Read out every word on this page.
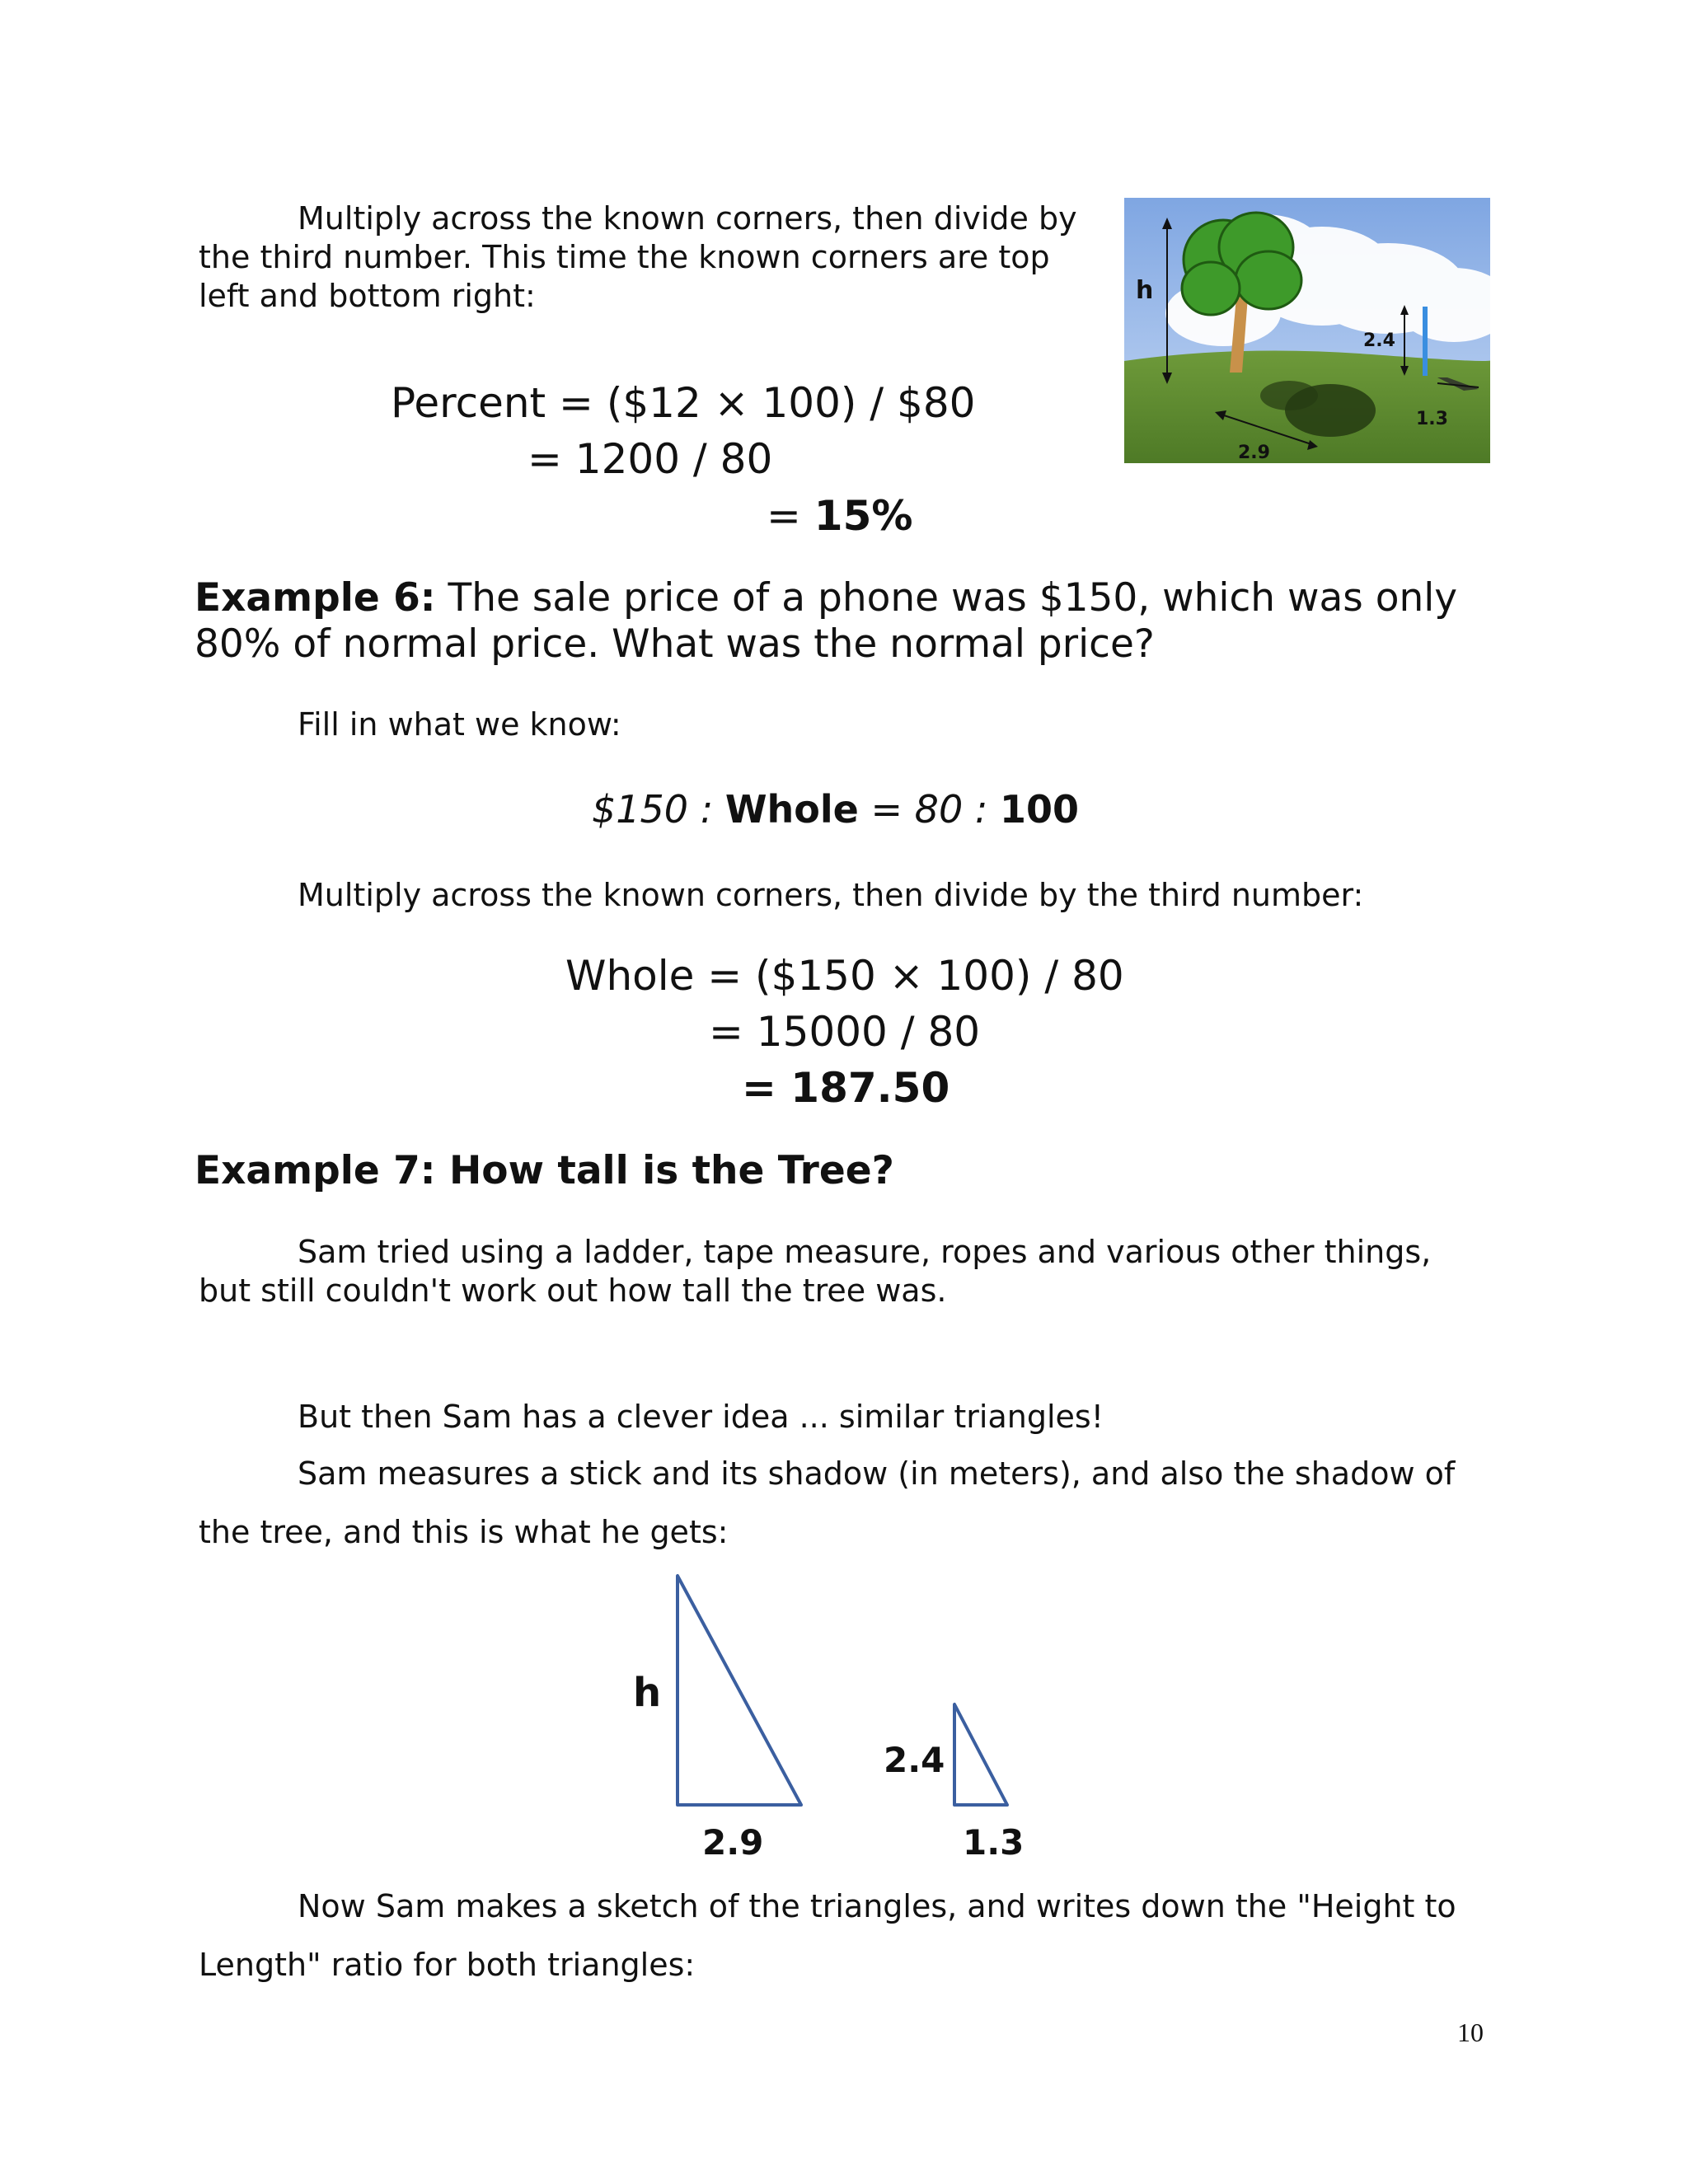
Multiply across the known corners, then divide by
the third number. This time the known corners are top
left and bottom right:	h
2.4
1.3
2.9
Percent = ($12 × 100) / $80
= 1200 / 80
= 15%
Example 6: The sale price of a phone was $150, which was only
80% of normal price. What was the normal price?
Fill in what we know:
$150 : Whole = 80 : 100
Multiply across the known corners, then divide by the third number:
Whole = ($150 × 100) / 80
= 15000 / 80
= 187.50
Example 7: How tall is the Tree?
Sam tried using a ladder, tape measure, ropes and various other things,
but still couldn't work out how tall the tree was.
But then Sam has a clever idea ... similar triangles!
Sam measures a stick and its shadow (in meters), and also the shadow of
the tree, and this is what he gets:
h
2.9
2.4
1.3
Now Sam makes a sketch of the triangles, and writes down the "Height to
Length" ratio for both triangles:
10
